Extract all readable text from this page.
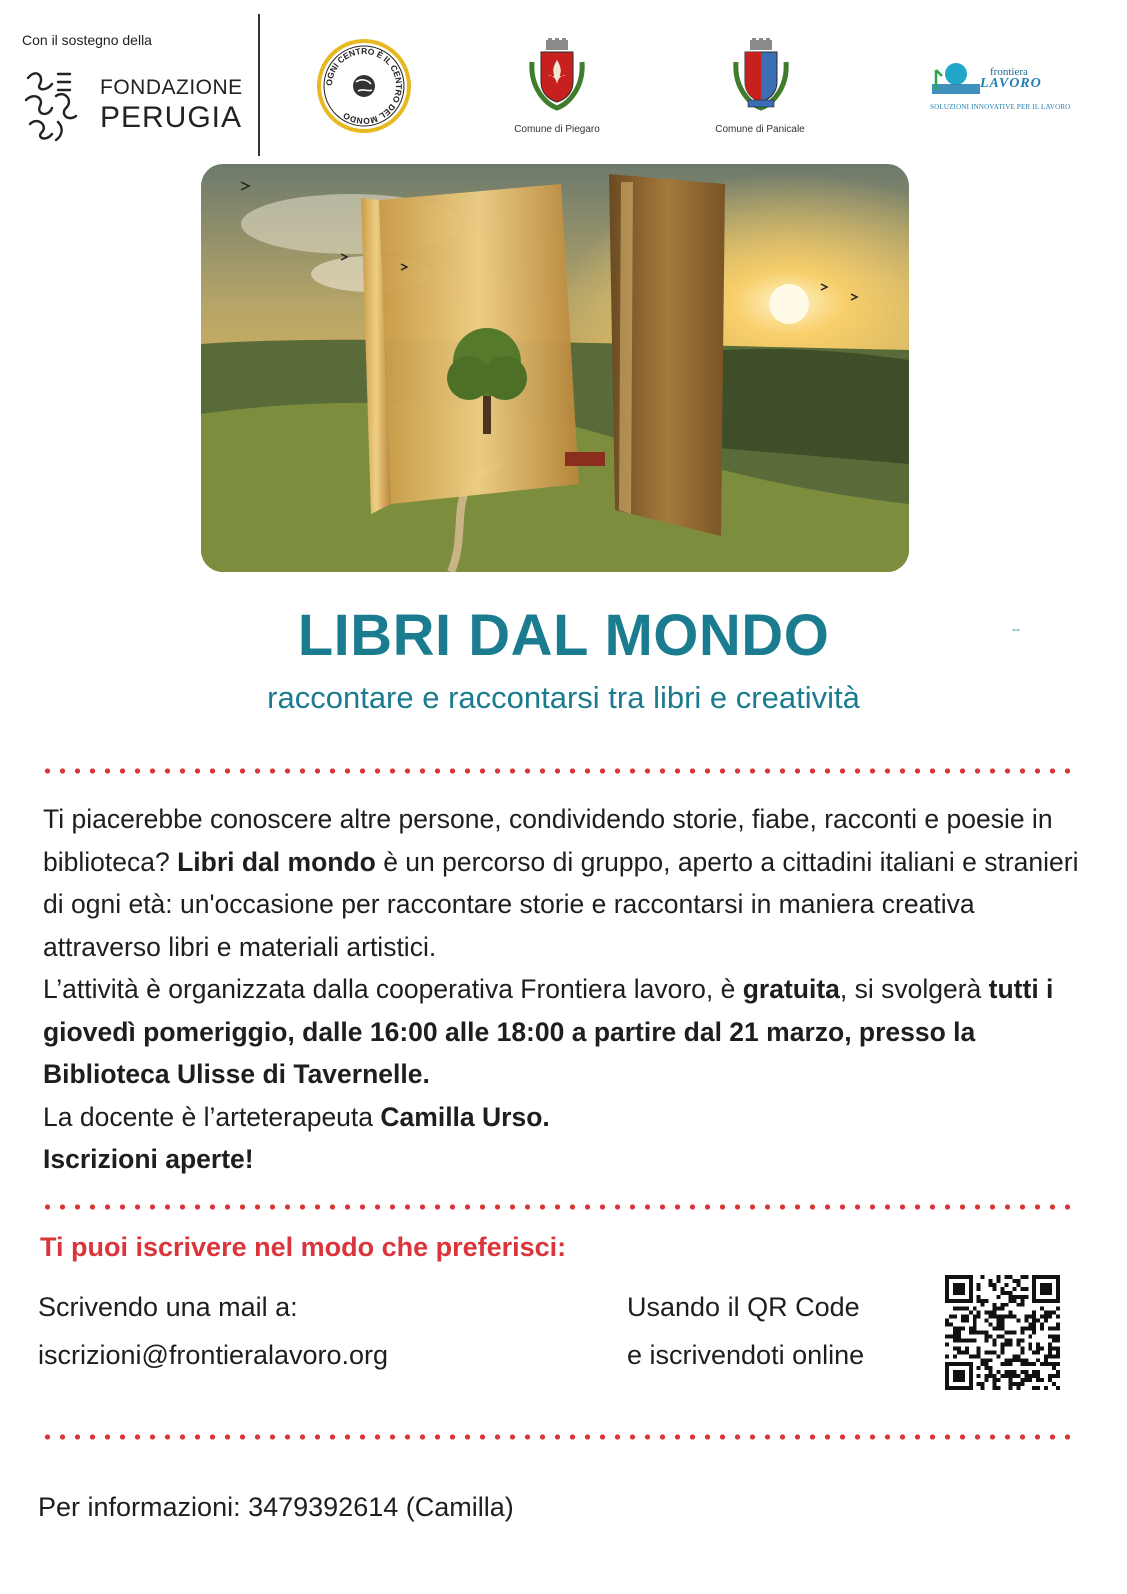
Con il sostegno della
FONDAZIONE
PERUGIA
OGNI CENTRO È IL CENTRO DEL MONDO
Comune di Piegaro	Comune di Panicale
frontiera
LAVORO
SOLUZIONI INNOVATIVE PER IL LAVORO
LIBRI DAL MONDO
raccontare e raccontarsi tra libri e creatività
--

Ti piacerebbe conoscere altre persone, condividendo storie, fiabe, racconti e poesie in biblioteca? Libri dal mondo è un percorso di gruppo, aperto a cittadini italiani e stranieri di ogni età: un'occasione per raccontare storie e raccontarsi in maniera creativa attraverso libri e materiali artistici.

L’attività è organizzata dalla cooperativa Frontiera lavoro, è gratuita, si svolgerà tutti i giovedì pomeriggio, dalle 16:00 alle 18:00 a partire dal 21 marzo, presso la Biblioteca Ulisse di Tavernelle.

La docente è l’arteterapeuta Camilla Urso.

Iscrizioni aperte!

Ti puoi iscrivere nel modo che preferisci:
Scrivendo una mail a:
iscrizioni@frontieralavoro.org
Usando il QR Code
e iscrivendoti online
Per informazioni: 3479392614 (Camilla)
